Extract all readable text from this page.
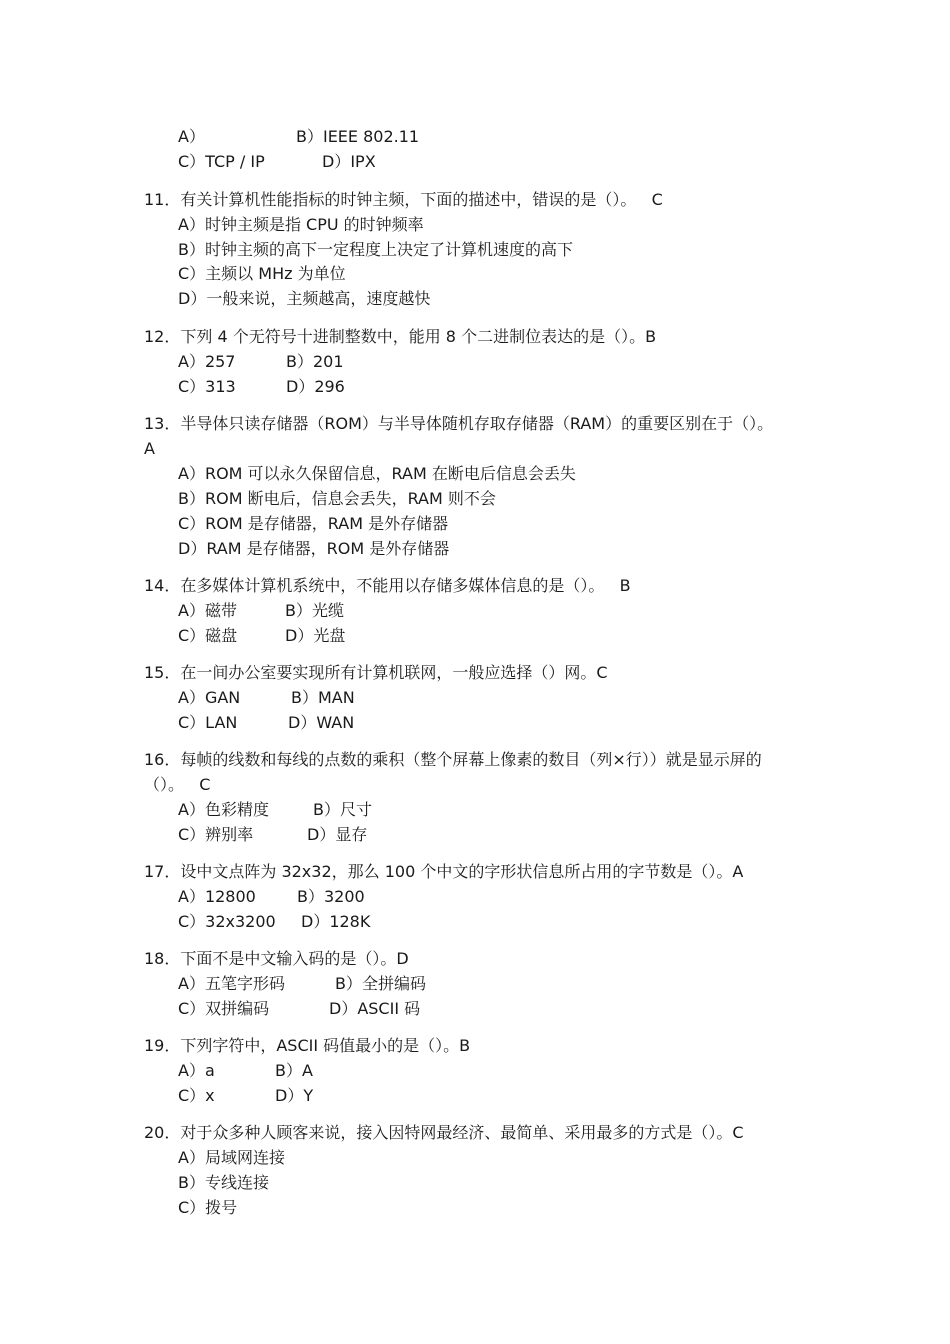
A）	B）IEEE 802.11
C）TCP / IP	D）IPX
11．有关计算机性能指标的时钟主频，下面的描述中，错误的是（）。   C
A）时钟主频是指 CPU 的时钟频率
B）时钟主频的高下一定程度上决定了计算机速度的高下
C）主频以 MHz 为单位
D）一般来说，主频越高，速度越快
12．下列 4 个无符号十进制整数中，能用 8 个二进制位表达的是（）。B
A）257	B）201
C）313	D）296
13．半导体只读存储器（ROM）与半导体随机存取存储器（RAM）的重要区别在于（）。
A
A）ROM 可以永久保留信息，RAM 在断电后信息会丢失
B）ROM 断电后，信息会丢失，RAM 则不会
C）ROM 是存储器，RAM 是外存储器
D）RAM 是存储器，ROM 是外存储器
14．在多媒体计算机系统中，不能用以存储多媒体信息的是（）。   B
A）磁带	B）光缆
C）磁盘	D）光盘
15．在一间办公室要实现所有计算机联网，一般应选择（）网。C
A）GAN	B）MAN
C）LAN	D）WAN
16．每帧的线数和每线的点数的乘积（整个屏幕上像素的数目（列×行））就是显示屏的
（）。   C
A）色彩精度	B）尺寸
C）辨别率	D）显存
17．设中文点阵为 32x32，那么 100 个中文的字形状信息所占用的字节数是（）。A
A）12800	B）3200
C）32x3200 D）128K
18．下面不是中文输入码的是（）。D
A）五笔字形码	B）全拼编码
C）双拼编码	D）ASCII 码
19．下列字符中，ASCII 码值最小的是（）。B
A）a	B）A
C）x	D）Y
20．对于众多种人顾客来说，接入因特网最经济、最简单、采用最多的方式是（）。C
A）局域网连接
B）专线连接
C）拨号
